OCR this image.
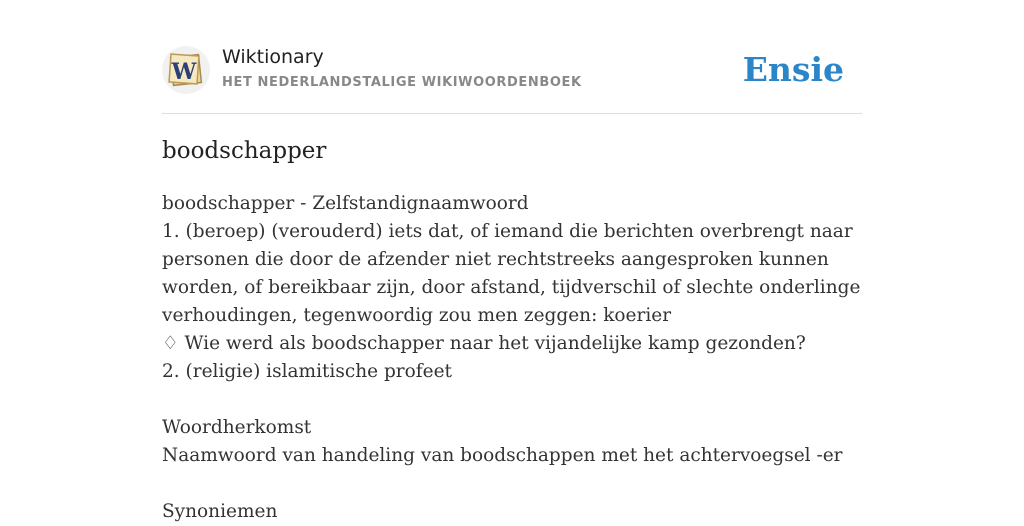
W
Wiktionary
HET NEDERLANDSTALIGE WIKIWOORDENBOEK	Ensie
boodschapper

boodschapper - Zelfstandignaamwoord

1. (beroep) (verouderd) iets dat, of iemand die berichten overbrengt naar personen die door de afzender niet rechtstreeks aangesproken kunnen worden, of bereikbaar zijn, door afstand, tijdverschil of slechte onderlinge verhoudingen, tegenwoordig zou men zeggen: koerier

♢ Wie werd als boodschapper naar het vijandelijke kamp gezonden?

2. (religie) islamitische profeet

Woordherkomst

Naamwoord van handeling van boodschappen met het achtervoegsel -er

Synoniemen
